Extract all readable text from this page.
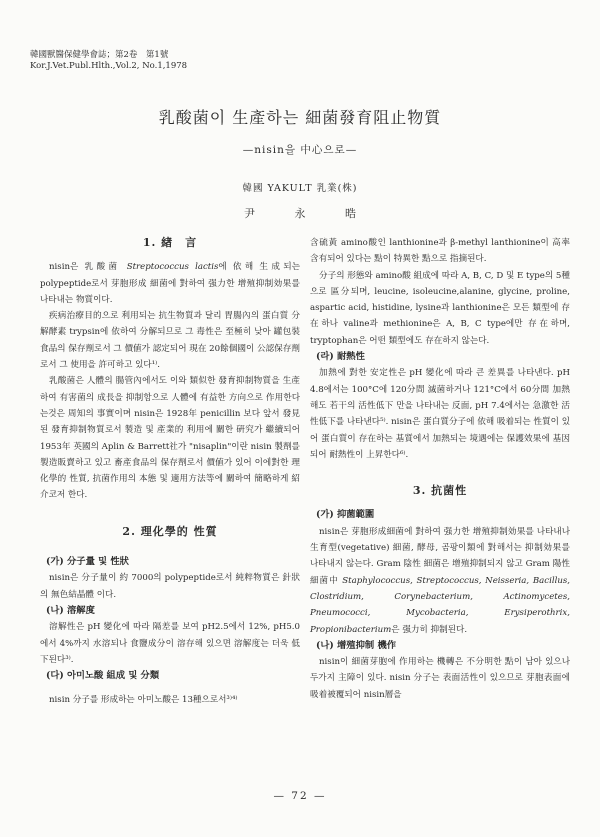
韓國獸醫保健學會誌；第2卷　第1號
Kor.J.Vet.Publ.Hlth.,Vol.2, No.1,1978
乳酸菌이 生產하는 細菌發育阻止物質
—nisin을 中心으로—
韓國 YAKULT 乳業(株)
尹 永 晧
1. 緖　言

nisin은 乳酸菌 Streptococcus lactis에 依해 生成되는 polypeptide로서 芽胞形成 細菌에 對하여 强力한 增殖抑制効果를 나타내는 物質이다.

疾病治療目的으로 利用되는 抗生物質과 달리 胃腸內의 蛋白質 分解酵素 trypsin에 依하여 分解되므로 그 毒性은 至極히 낮아 罐包裝食品의 保存劑로서 그 價値가 認定되어 現在 20餘個國이 公認保存劑로서 그 使用을 許可하고 있다¹⁾.

乳酸菌은 人體의 腸管內에서도 이와 類似한 發育抑制物質을 生產하여 有害菌의 成長을 抑制함으로 人體에 有益한 方向으로 作用한다는것은 周知의 事實이며 nisin은 1928年 penicillin 보다 앞서 發見된 發育抑制物質로서 製造 및 產業的 利用에 關한 硏究가 繼續되어 1953年 英國의 Aplin & Barrett社가 "nisaplin"이란 nisin 製劑를 製造販賣하고 있고 畜產食品의 保存劑로서 價値가 있어 이에對한 理化學的 性質, 抗菌作用의 本態 및 適用方法等에 關하여 簡略하게 紹介코저 한다.

2. 理化學的 性質
(가) 分子量 및 性狀

nisin은 分子量이 約 7000의 polypeptide로서 純粹物質은 針狀의 無色結晶體 이다.

(나) 溶解度

溶解性은 pH 變化에 따라 隔差를 보여 pH2.5에서 12%, pH5.0에서 4%까지 水溶되나 食鹽成分이 溶存해 있으면 溶解度는 더욱 低下된다³⁾.

(다) 아미노酸 組成 및 分類

nisin 分子를 形成하는 아미노酸은 13種으로서³⁾⁴⁾

含硫黃 amino酸인 lanthionine과 β-methyl lanthionine이 高率含有되어 있다는 點이 特異한 點으로 指摘된다.

分子의 形態와 amino酸 組成에 따라 A, B, C, D 및 E type의 5種으로 區分되며, leucine, isoleucine,alanine, glycine, proline, aspartic acid, histidine, lysine과 lanthionine은 모든 類型에 存在하나 valine과 methionine은 A, B, C type에만 存在하며, tryptophan은 어떤 類型에도 存在하지 않는다.

(라) 耐熱性

加熱에 對한 安定性은 pH 變化에 따라 큰 差異를 나타낸다. pH 4.8에서는 100°C에 120分間 滅菌하거나 121°C에서 60分間 加熱해도 若干의 活性低下 만을 나타내는 反面, pH 7.4에서는 急激한 活性低下를 나타낸다⁵⁾. nisin은 蛋白質分子에 依해 吸着되는 性質이 있어 蛋白質이 存在하는 基質에서 加熱되는 境遇에는 保護效果에 基因되어 耐熱性이 上昇한다⁶⁾.

3. 抗菌性
(가) 抑菌範圍

nisin은 芽胞形成細菌에 對하여 强力한 增殖抑制効果를 나타내나 生育型(vegetative) 細菌, 酵母, 곰팡이類에 對해서는 抑制効果를 나타내지 않는다. Gram 陰性 細菌은 增殖抑制되지 않고 Gram 陽性 細菌中 Staphylococcus, Streptococcus, Neisseria, Bacillus, Clostridium, Corynebacterium, Actinomycetes, Pneumococci, Mycobacteria, Erysiperothrix, Propionibacterium은 强力히 抑制된다.

(나) 增殖抑制 機作

nisin이 細菌芽胞에 作用하는 機轉은 不分明한 點이 남아 있으나 두가지 主障이 있다. nisin 分子는 表面活性이 있으므로 芽胞表面에 吸着被覆되어 nisin層을

— 72 —
